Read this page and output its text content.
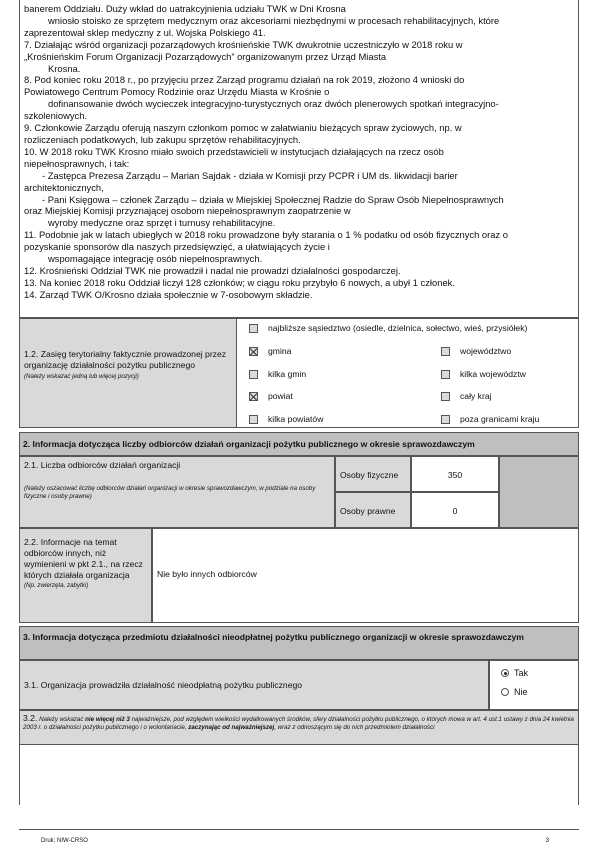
banerem Oddziału. Duży wkład do uatrakcyjnienia udziału TWK w Dni Krosna

wniosło stoisko ze sprzętem medycznym oraz akcesoriami niezbędnymi w procesach rehabilitacyjnych, które

zaprezentował sklep medyczny z ul. Wojska Polskiego 41.

7. Działając wśród organizacji pozarządowych krośnieńskie TWK dwukrotnie uczestniczyło w 2018 roku w

„Krośnieńskim Forum Organizacji Pozarządowych” organizowanym przez Urząd Miasta

Krosna.

8. Pod koniec roku 2018 r., po przyjęciu przez Zarząd programu działań na rok 2019, złożono 4 wnioski do

Powiatowego Centrum Pomocy Rodzinie oraz Urzędu Miasta w Krośnie o

dofinansowanie dwóch wycieczek integracyjno-turystycznych oraz dwóch plenerowych spotkań integracyjno-

szkoleniowych.

9. Członkowie Zarządu oferują naszym członkom pomoc w załatwianiu bieżących spraw życiowych, np. w

rozliczeniach podatkowych, lub zakupu sprzętów rehabilitacyjnych.

10. W 2018 roku TWK Krosno miało swoich przedstawicieli w instytucjach działających na rzecz osób

niepełnosprawnych, i tak:

- Zastępca Prezesa Zarządu – Marian Sajdak - działa w Komisji przy PCPR i UM ds. likwidacji barier

architektonicznych,

- Pani Księgowa – członek Zarządu – działa w Miejskiej Społecznej Radzie do Spraw Osób Niepełnosprawnych

oraz Miejskiej Komisji przyznającej osobom niepełnosprawnym zaopatrzenie w

wyroby medyczne oraz sprzęt i turnusy rehabilitacyjne.

11. Podobnie jak w latach ubiegłych w 2018 roku prowadzone były starania o 1 % podatku od osób fizycznych oraz o

pozyskanie sponsorów dla naszych przedsięwzięć, a ułatwiających życie i

wspomagające integrację osób niepełnosprawnych.

12. Krośnieński Oddział TWK nie prowadził i nadal nie prowadzi działalności gospodarczej.

13. Na koniec 2018 roku Oddział liczył 128 członków; w ciągu roku przybyło 6 nowych, a ubył 1 członek.

14. Zarząd TWK O/Krosno działa społecznie w 7-osobowym składzie.

1.2. Zasięg terytorialny faktycznie prowadzonej przez organizację działalności pożytku publicznego
(Należy wskazać jedną lub więcej pozycji)
najbliższe sąsiedztwo (osiedle, dzielnica, sołectwo, wieś, przysiółek)
gmina	województwo
kilka gmin	kilka województw
powiat	cały kraj
kilka powiatów	poza granicami kraju
2. Informacja dotycząca liczby odbiorców działań organizacji pożytku publicznego w okresie sprawozdawczym
2.1. Liczba odbiorców działań organizacji
(Należy oszacować liczbę odbiorców działań organizacji w okresie sprawozdawczym, w podziale na osoby fizyczne i osoby prawne)
Osoby fizyczne	350
Osoby prawne	0
2.2. Informacje na temat odbiorców innych, niż wymienieni w pkt 2.1., na rzecz których działała organizacja
(Np. zwierzęta, zabytki)
Nie było innych odbiorców
3. Informacja dotycząca przedmiotu działalności nieodpłatnej pożytku publicznego organizacji w okresie sprawozdawczym
3.1. Organizacja prowadziła działalność nieodpłatną pożytku publicznego
Tak
Nie
3.2. Należy wskazać nie więcej niż 3 najważniejsze, pod względem wielkości wydatkowanych środków, sfery działalności pożytku publicznego, o których mowa w art. 4 ust.1 ustawy z dnia 24 kwietnia 2003 r. o działalności pożytku publicznego i o wolontariacie, zaczynając od najważniejszej, wraz z odnoszącym się do nich przedmiotem działalności
Druk: NIW-CRSO	3
